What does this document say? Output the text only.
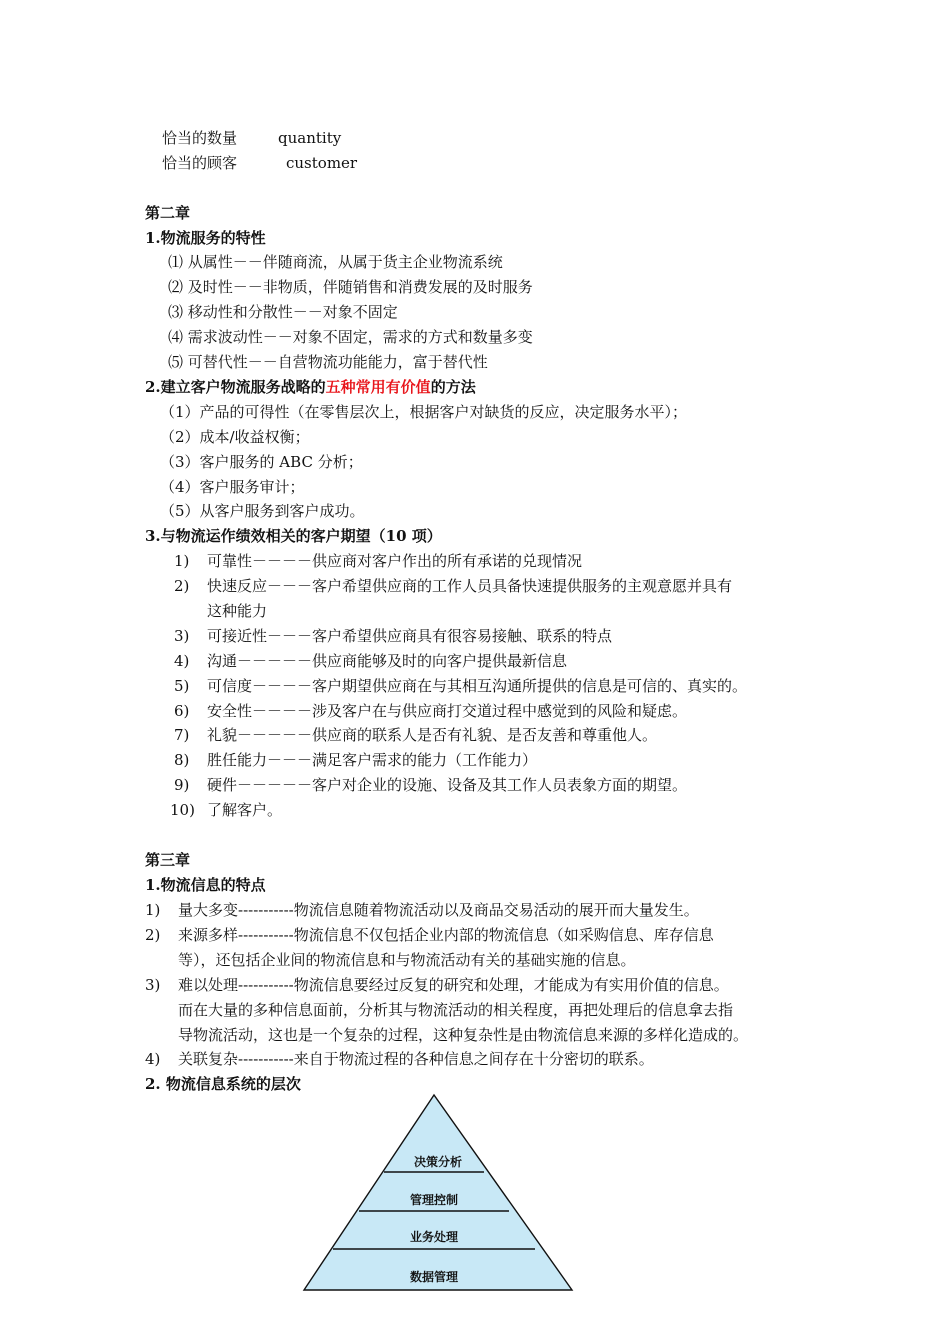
恰当的数量	quantity
恰当的顾客	customer
第二章
1.物流服务的特性
⑴ 从属性－－伴随商流，从属于货主企业物流系统
⑵ 及时性－－非物质，伴随销售和消费发展的及时服务
⑶ 移动性和分散性－－对象不固定
⑷ 需求波动性－－对象不固定，需求的方式和数量多变
⑸ 可替代性－－自营物流功能能力，富于替代性
2.建立客户物流服务战略的五种常用有价值的方法
（1）产品的可得性（在零售层次上，根据客户对缺货的反应，决定服务水平）；
（2）成本/收益权衡；
（3）客户服务的 ABC 分析；
（4）客户服务审计；
（5）从客户服务到客户成功。
3.与物流运作绩效相关的客户期望（10 项）
1) 可靠性－－－－供应商对客户作出的所有承诺的兑现情况
2) 快速反应－－－客户希望供应商的工作人员具备快速提供服务的主观意愿并具有
这种能力
3) 可接近性－－－客户希望供应商具有很容易接触、联系的特点
4) 沟通－－－－－供应商能够及时的向客户提供最新信息
5) 可信度－－－－客户期望供应商在与其相互沟通所提供的信息是可信的、真实的。
6) 安全性－－－－涉及客户在与供应商打交道过程中感觉到的风险和疑虑。
7) 礼貌－－－－－供应商的联系人是否有礼貌、是否友善和尊重他人。
8) 胜任能力－－－满足客户需求的能力（工作能力）
9) 硬件－－－－－客户对企业的设施、设备及其工作人员表象方面的期望。
10) 了解客户。
第三章
1.物流信息的特点
1) 量大多变-----------物流信息随着物流活动以及商品交易活动的展开而大量发生。
2) 来源多样-----------物流信息不仅包括企业内部的物流信息（如采购信息、库存信息
等），还包括企业间的物流信息和与物流活动有关的基础实施的信息。
3) 难以处理-----------物流信息要经过反复的研究和处理，才能成为有实用价值的信息。
而在大量的多种信息面前，分析其与物流活动的相关程度，再把处理后的信息拿去指
导物流活动，这也是一个复杂的过程，这种复杂性是由物流信息来源的多样化造成的。
4) 关联复杂-----------来自于物流过程的各种信息之间存在十分密切的联系。
2. 物流信息系统的层次
决策分析
管理控制
业务处理
数据管理
